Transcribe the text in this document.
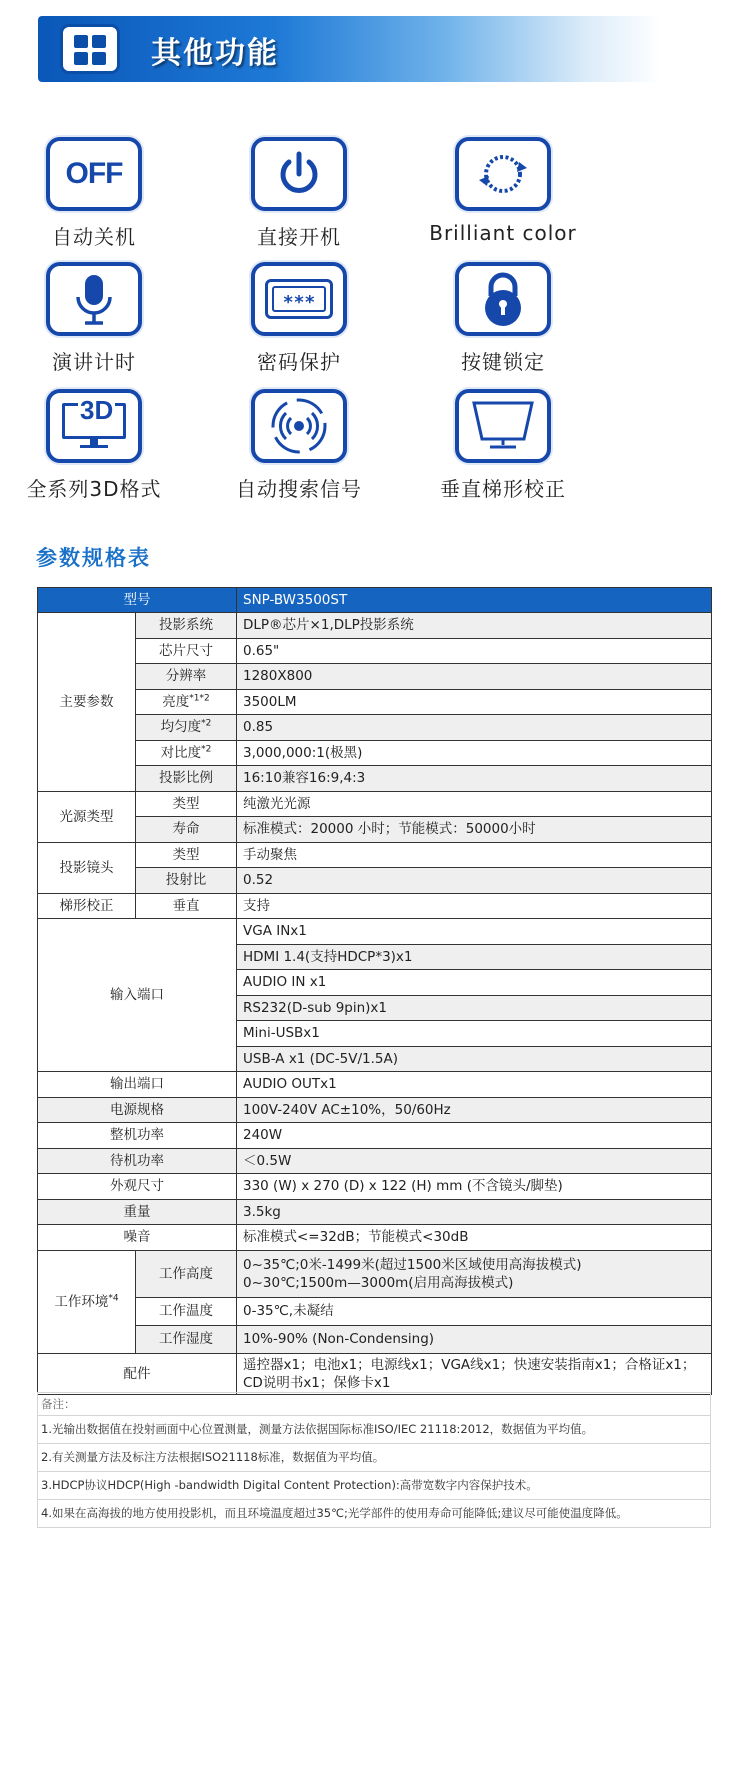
其他功能
OFF
自动关机	直接开机	Brilliant color
演讲计时
***
密码保护	按键锁定
3D
全系列3D格式	自动搜索信号	垂直梯形校正
参数规格表
型号		SNP-BW3500ST
主要参数	投影系统	DLP®芯片×1,DLP投影系统
	芯片尺寸	0.65"
	分辨率	1280X800
	亮度$^{*1*2}$	3500LM
	均匀度$^{*2}$	0.85
	对比度$^{*2}$	3,000,000:1(极黑)
	投影比例	16:10兼容16:9,4:3
光源类型	类型	纯激光光源
	寿命	标准模式：20000 小时；节能模式：50000小时
投影镜头	类型	手动聚焦
	投射比	0.52
梯形校正	垂直	支持
输入端口		VGA INx1
		HDMI 1.4(支持HDCP*3)x1
		AUDIO IN x1
		RS232(D-sub 9pin)x1
		Mini-USBx1
		USB-A x1 (DC-5V/1.5A)
输出端口		AUDIO OUTx1
电源规格		100V-240V AC±10%，50/60Hz
整机功率		240W
待机功率		＜0.5W
外观尺寸		330 (W) x 270 (D) x 122 (H) mm (不含镜头/脚垫)
重量		3.5kg
噪音		标准模式<=32dB；节能模式<30dB
工作环境$^{*4}$	工作高度	0~35℃;0米-1499米(超过1500米区域使用高海拔模式)
0~30℃;1500m—3000m(启用高海拔模式)

	工作温度	0-35℃,未凝结
	工作湿度	10%-90% (Non-Condensing)
配件		遥控器x1；电池x1；电源线x1；VGA线x1；快速安装指南x1；合格证x1；CD说明书x1；保修卡x1
备注：
1.光输出数据值在投射画面中心位置测量，测量方法依据国际标准ISO/IEC 21118:2012，数据值为平均值。
2.有关测量方法及标注方法根据ISO21118标准，数据值为平均值。
3.HDCP协议HDCP(High -bandwidth Digital Content Protection):高带宽数字内容保护技术。
4.如果在高海拔的地方使用投影机，而且环境温度超过35℃;光学部件的使用寿命可能降低;建议尽可能使温度降低。
